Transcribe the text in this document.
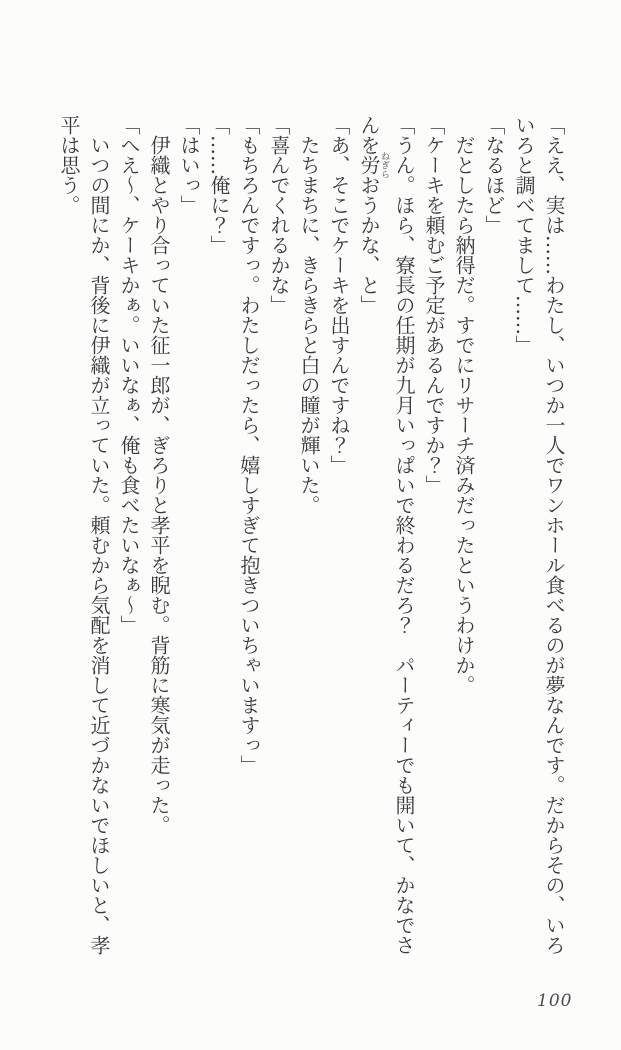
「ええ、実は……わたし、いつか一人でワンホール食べるのが夢なんです。だからその、いろ

いろと調べてまして……」

「なるほど」

だとしたら納得だ。すでにリサーチ済みだったというわけか。

「ケーキを頼むご予定があるんですか？」

「うん。ほら、寮長の任期が九月いっぱいで終わるだろ？　パーティーでも開いて、かなでさ

んを労ねぎらおうかな、と」

「あ、そこでケーキを出すんですね？」

たちまちに、きらきらと白の瞳が輝いた。

「喜んでくれるかな」

「もちろんですっ。わたしだったら、嬉しすぎて抱きついちゃいますっ」

「……俺に？」

「はいっ」

伊織とやり合っていた征一郎が、ぎろりと孝平を睨む。背筋に寒気が走った。

「へえ〜、ケーキかぁ。いいなぁ、俺も食べたいなぁ〜」

いつの間にか、背後に伊織が立っていた。頼むから気配を消して近づかないでほしいと、孝

平は思う。

100
